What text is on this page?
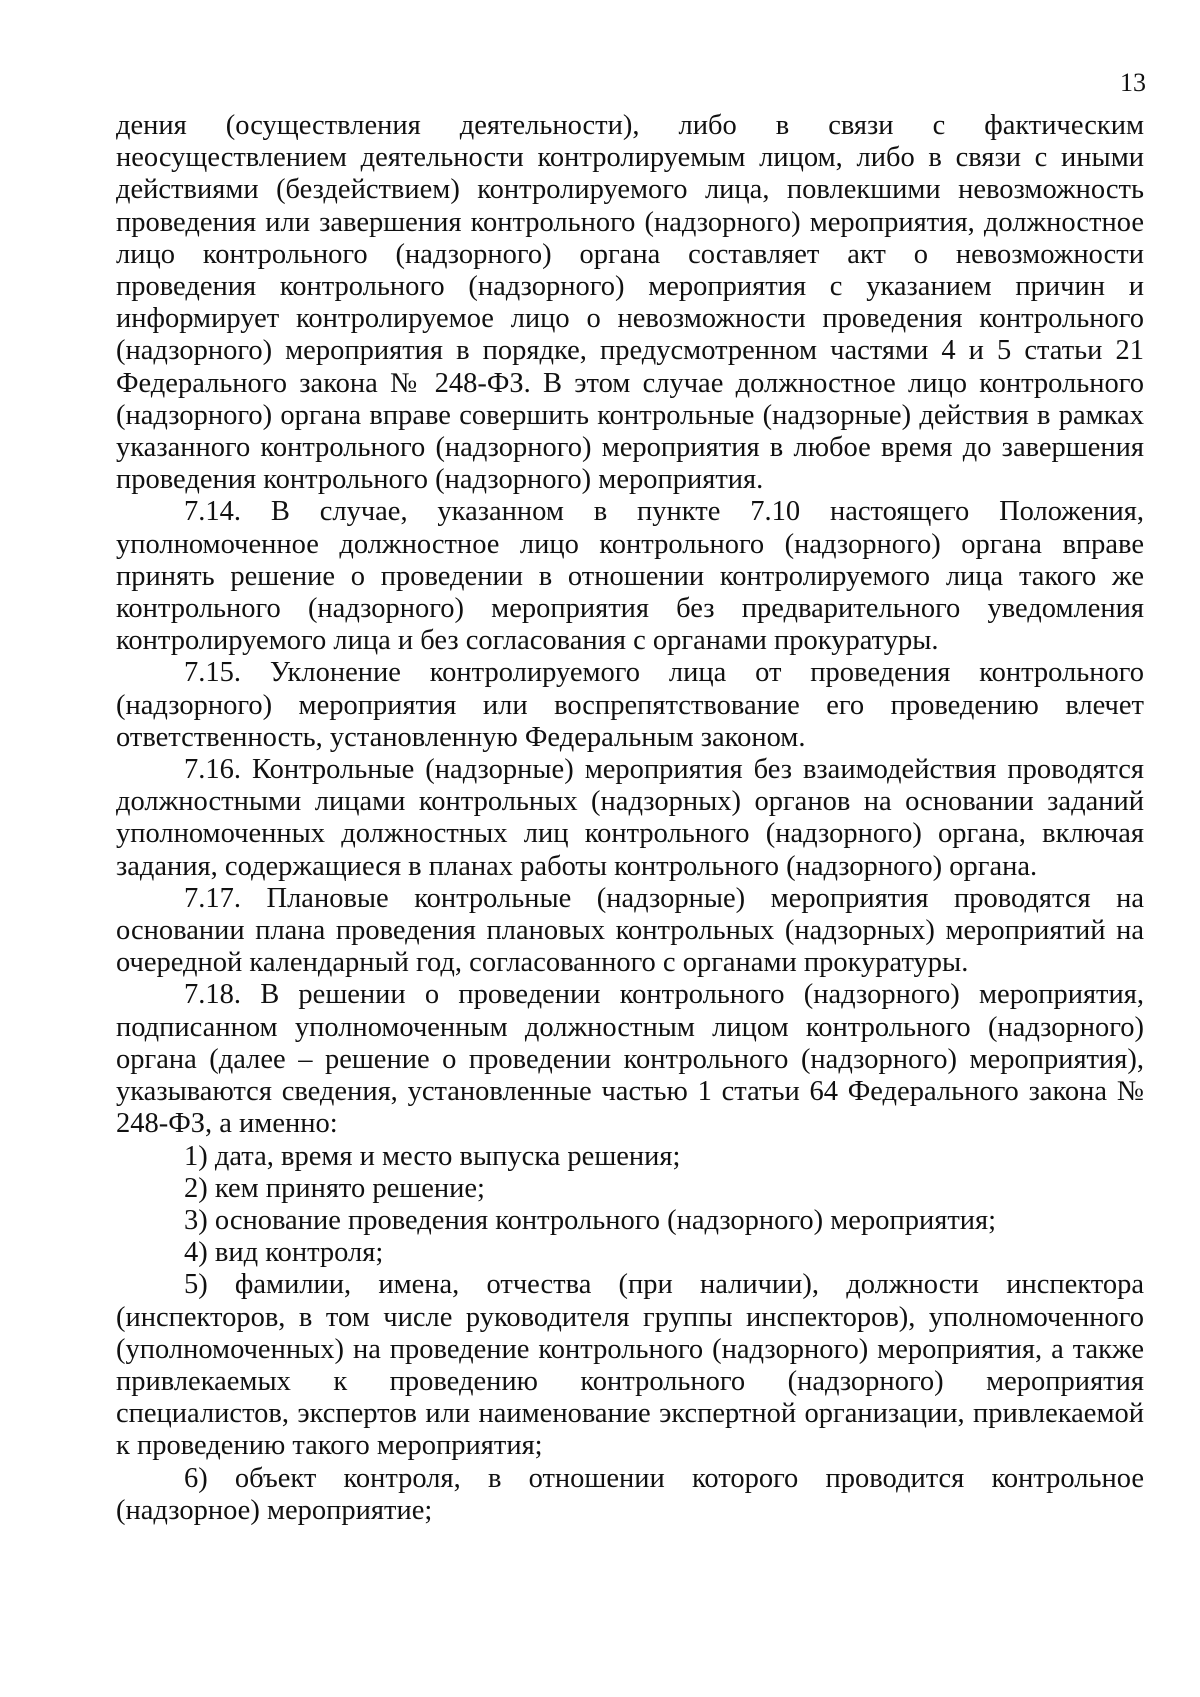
13

дения (осуществления деятельности), либо в связи с фактическим неосуществлением деятельности контролируемым лицом, либо в связи с иными действиями (бездействием) контролируемого лица, повлекшими невозможность проведения или завершения контрольного (надзорного) мероприятия, должностное лицо контрольного (надзорного) органа составляет акт о невозможности проведения контрольного (надзорного) мероприятия с указанием причин и информирует контролируемое лицо о невозможности проведения контрольного (надзорного) мероприятия в порядке, предусмотренном частями 4 и 5 статьи 21 Федерального закона № 248-ФЗ. В этом случае должностное лицо контрольного (надзорного) органа вправе совершить контрольные (надзорные) действия в рамках указанного контрольного (надзорного) мероприятия в любое время до завершения проведения контрольного (надзорного) мероприятия.

7.14. В случае, указанном в пункте 7.10 настоящего Положения, уполномоченное должностное лицо контрольного (надзорного) органа вправе принять решение о проведении в отношении контролируемого лица такого же контрольного (надзорного) мероприятия без предварительного уведомления контролируемого лица и без согласования с органами прокуратуры.

7.15. Уклонение контролируемого лица от проведения контрольного (надзорного) мероприятия или воспрепятствование его проведению влечет ответственность, установленную Федеральным законом.

7.16. Контрольные (надзорные) мероприятия без взаимодействия проводятся должностными лицами контрольных (надзорных) органов на основании заданий уполномоченных должностных лиц контрольного (надзорного) органа, включая задания, содержащиеся в планах работы контрольного (надзорного) органа.

7.17. Плановые контрольные (надзорные) мероприятия проводятся на основании плана проведения плановых контрольных (надзорных) мероприятий на очередной календарный год, согласованного с органами прокуратуры.

7.18. В решении о проведении контрольного (надзорного) мероприятия, подписанном уполномоченным должностным лицом контрольного (надзорного) органа (далее – решение о проведении контрольного (надзорного) мероприятия), указываются сведения, установленные частью 1 статьи 64 Федерального закона № 248-ФЗ, а именно:

1) дата, время и место выпуска решения;

2) кем принято решение;

3) основание проведения контрольного (надзорного) мероприятия;

4) вид контроля;

5) фамилии, имена, отчества (при наличии), должности инспектора (инспекторов, в том числе руководителя группы инспекторов), уполномоченного (уполномоченных) на проведение контрольного (надзорного) мероприятия, а также привлекаемых к проведению контрольного (надзорного) мероприятия специалистов, экспертов или наименование экспертной организации, привлекаемой к проведению такого мероприятия;

6) объект контроля, в отношении которого проводится контрольное (надзорное) мероприятие;
